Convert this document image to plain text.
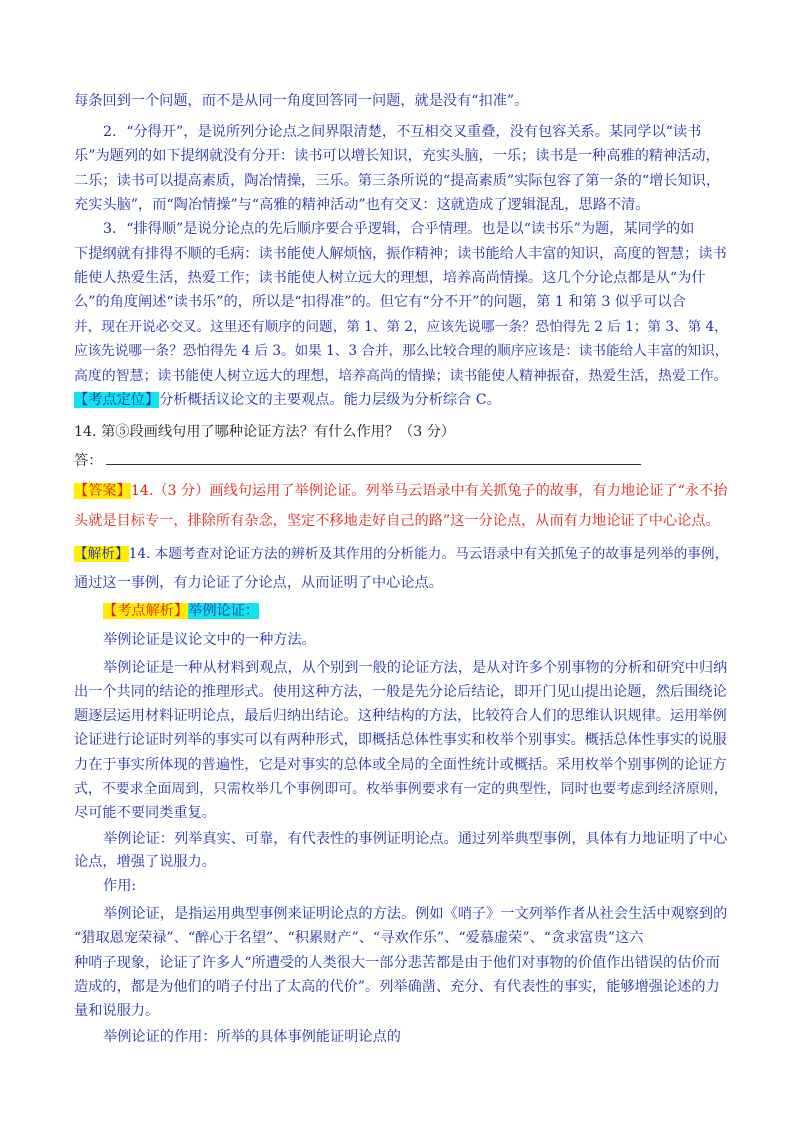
每条回到一个问题，而不是从同一角度回答同一问题，就是没有“扣准”。
2．“分得开”，是说所列分论点之间界限清楚，不互相交叉重叠，没有包容关系。某同学以“读书
乐”为题列的如下提纲就没有分开：读书可以增长知识，充实头脑，一乐；读书是一种高雅的精神活动，
二乐；读书可以提高素质，陶冶情操，三乐。第三条所说的“提高素质”实际包容了第一条的“增长知识，
充实头脑”，而“陶冶情操”与“高雅的精神活动”也有交叉：这就造成了逻辑混乱，思路不清。
3．“排得顺”是说分论点的先后顺序要合乎逻辑，合乎情理。也是以“读书乐”为题，某同学的如
下提纲就有排得不顺的毛病：读书能使人解烦恼，振作精神；读书能给人丰富的知识，高度的智慧；读书
能使人热爱生活，热爱工作；读书能使人树立远大的理想，培养高尚情操。这几个分论点都是从“为什
么”的角度阐述“读书乐”的，所以是“扣得准”的。但它有“分不开”的问题，第 1 和第 3 似乎可以合
并，现在开说必交叉。这里还有顺序的问题，第 1、第 2，应该先说哪一条？恐怕得先 2 后 1；第 3、第 4，
应该先说哪一条？恐怕得先 4 后 3。如果 1、3 合并，那么比较合理的顺序应该是：读书能给人丰富的知识，
高度的智慧；读书能使人树立远大的理想，培养高尚的情操；读书能使人精神振奋，热爱生活，热爱工作。
【考点定位】分析概括议论文的主要观点。能力层级为分析综合 C。
14. 第⑤段画线句用了哪种论证方法？有什么作用？（3 分）
答：
【答案】14.（3 分）画线句运用了举例论证。列举马云语录中有关抓兔子的故事，有力地论证了“永不抬
头就是目标专一，排除所有杂念，坚定不移地走好自己的路”这一分论点，从而有力地论证了中心论点。
【解析】14. 本题考查对论证方法的辨析及其作用的分析能力。马云语录中有关抓兔子的故事是列举的事例，
通过这一事例，有力论证了分论点，从而证明了中心论点。
【考点解析】举例论证：
举例论证是议论文中的一种方法。
举例论证是一种从材料到观点，从个别到一般的论证方法，是从对许多个别事物的分析和研究中归纳
出一个共同的结论的推理形式。使用这种方法，一般是先分论后结论，即开门见山提出论题，然后围绕论
题逐层运用材料证明论点，最后归纳出结论。这种结构的方法，比较符合人们的思维认识规律。运用举例
论证进行论证时列举的事实可以有两种形式，即概括总体性事实和枚举个别事实。概括总体性事实的说服
力在于事实所体现的普遍性，它是对事实的总体或全局的全面性统计或概括。采用枚举个别事例的论证方
式，不要求全面周到，只需枚举几个事例即可。枚举事例要求有一定的典型性，同时也要考虑到经济原则，
尽可能不要同类重复。
举例论证：列举真实、可靠，有代表性的事例证明论点。通过列举典型事例，具体有力地证明了中心
论点，增强了说服力。
作用:
举例论证，是指运用典型事例来证明论点的方法。例如《哨子》一文列举作者从社会生活中观察到的
“猎取恩宠荣禄”、“醉心于名望”、“积累财产”、“寻欢作乐”、“爱慕虚荣”、“贪求富贵”这六
种哨子现象，论证了许多人“所遭受的人类很大一部分悲苦都是由于他们对事物的价值作出错误的估价而
造成的，都是为他们的哨子付出了太高的代价”。列举确凿、充分、有代表性的事实，能够增强论述的力
量和说服力。
举例论证的作用：所举的具体事例能证明论点的
